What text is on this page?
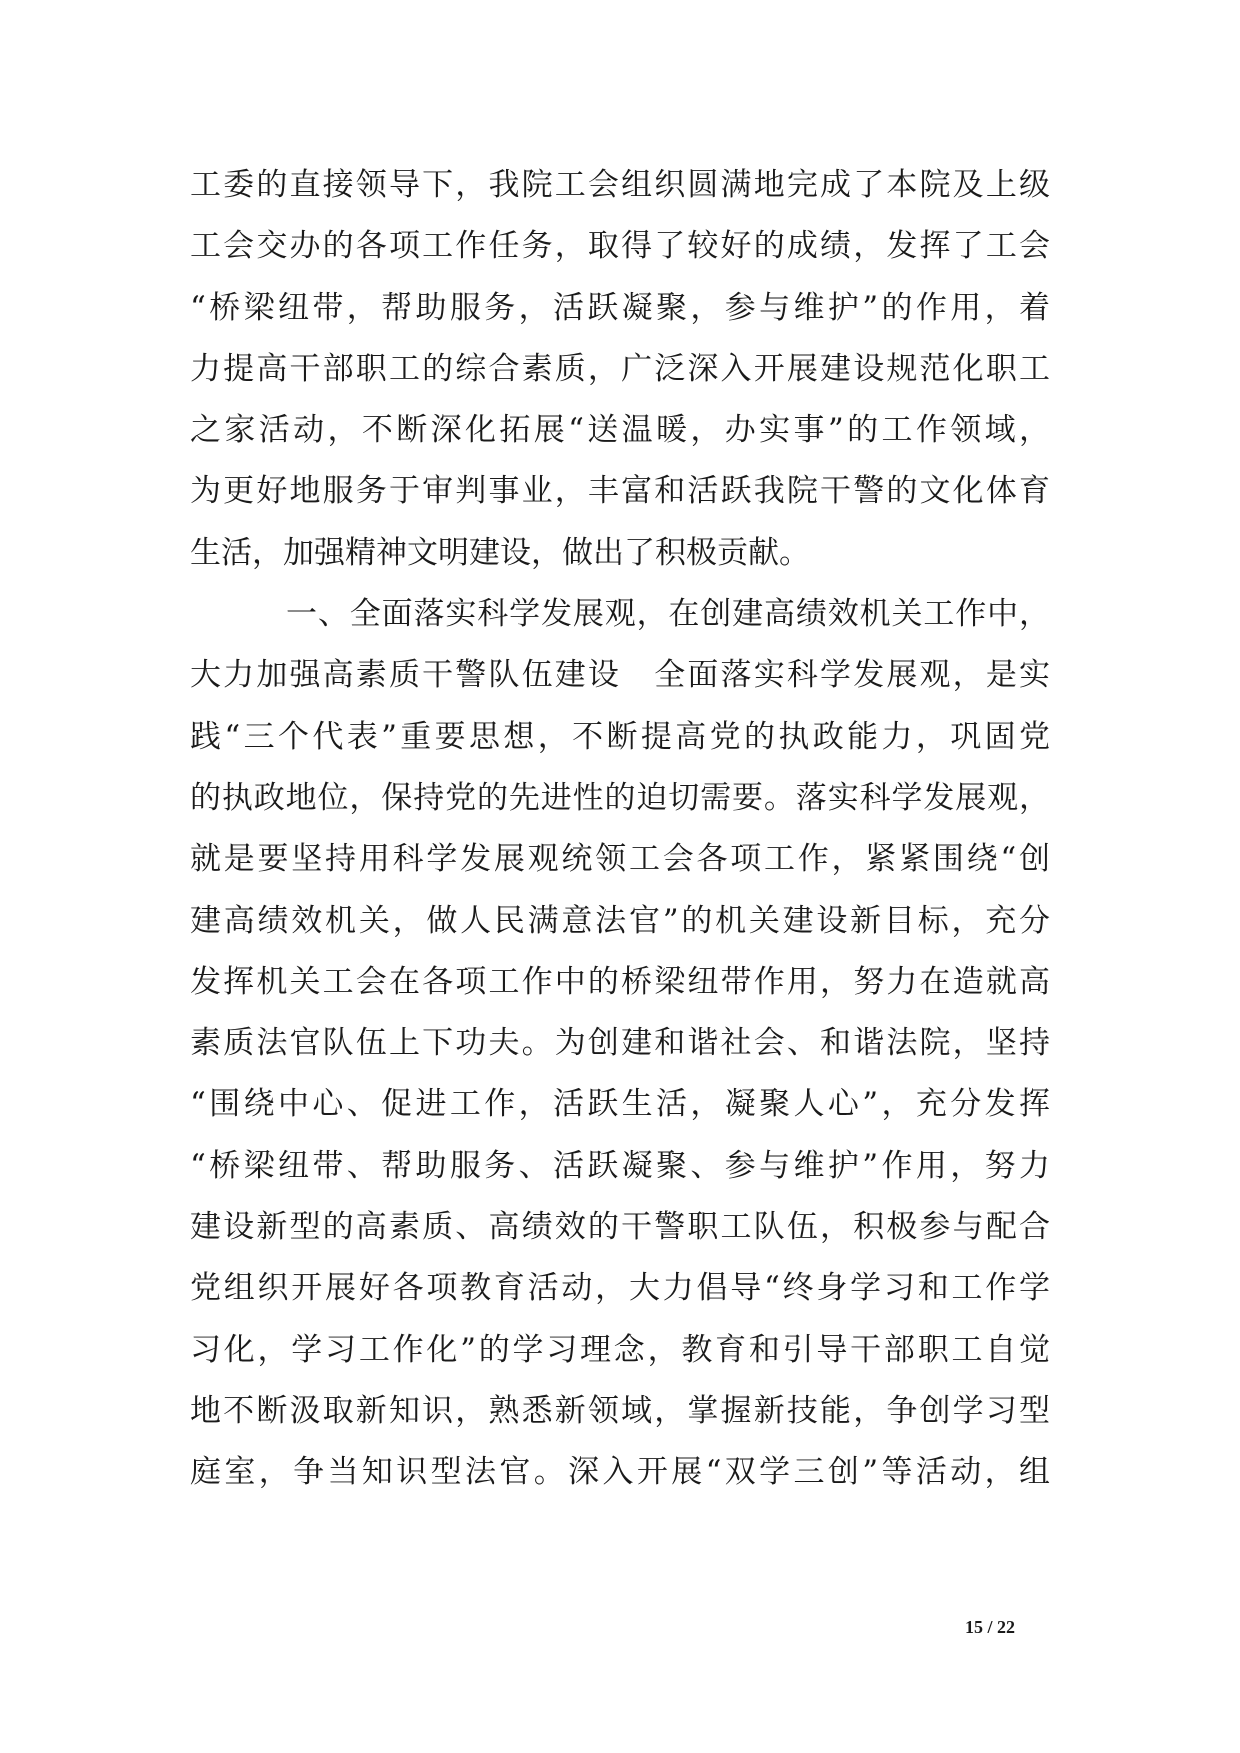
工委的直接领导下，我院工会组织圆满地完成了本院及上级
工会交办的各项工作任务，取得了较好的成绩，发挥了工会
“桥梁纽带，帮助服务，活跃凝聚，参与维护”的作用，着
力提高干部职工的综合素质，广泛深入开展建设规范化职工
之家活动，不断深化拓展“送温暖，办实事”的工作领域，
为更好地服务于审判事业，丰富和活跃我院干警的文化体育
生活，加强精神文明建设，做出了积极贡献。
一、全面落实科学发展观，在创建高绩效机关工作中，
大力加强高素质干警队伍建设　全面落实科学发展观，是实
践“三个代表”重要思想，不断提高党的执政能力，巩固党
的执政地位，保持党的先进性的迫切需要。落实科学发展观，
就是要坚持用科学发展观统领工会各项工作，紧紧围绕“创
建高绩效机关，做人民满意法官”的机关建设新目标，充分
发挥机关工会在各项工作中的桥梁纽带作用，努力在造就高
素质法官队伍上下功夫。为创建和谐社会、和谐法院，坚持
“围绕中心、促进工作，活跃生活，凝聚人心”，充分发挥
“桥梁纽带、帮助服务、活跃凝聚、参与维护”作用，努力
建设新型的高素质、高绩效的干警职工队伍，积极参与配合
党组织开展好各项教育活动，大力倡导“终身学习和工作学
习化，学习工作化”的学习理念，教育和引导干部职工自觉
地不断汲取新知识，熟悉新领域，掌握新技能，争创学习型
庭室，争当知识型法官。深入开展“双学三创”等活动，组
15 / 22
